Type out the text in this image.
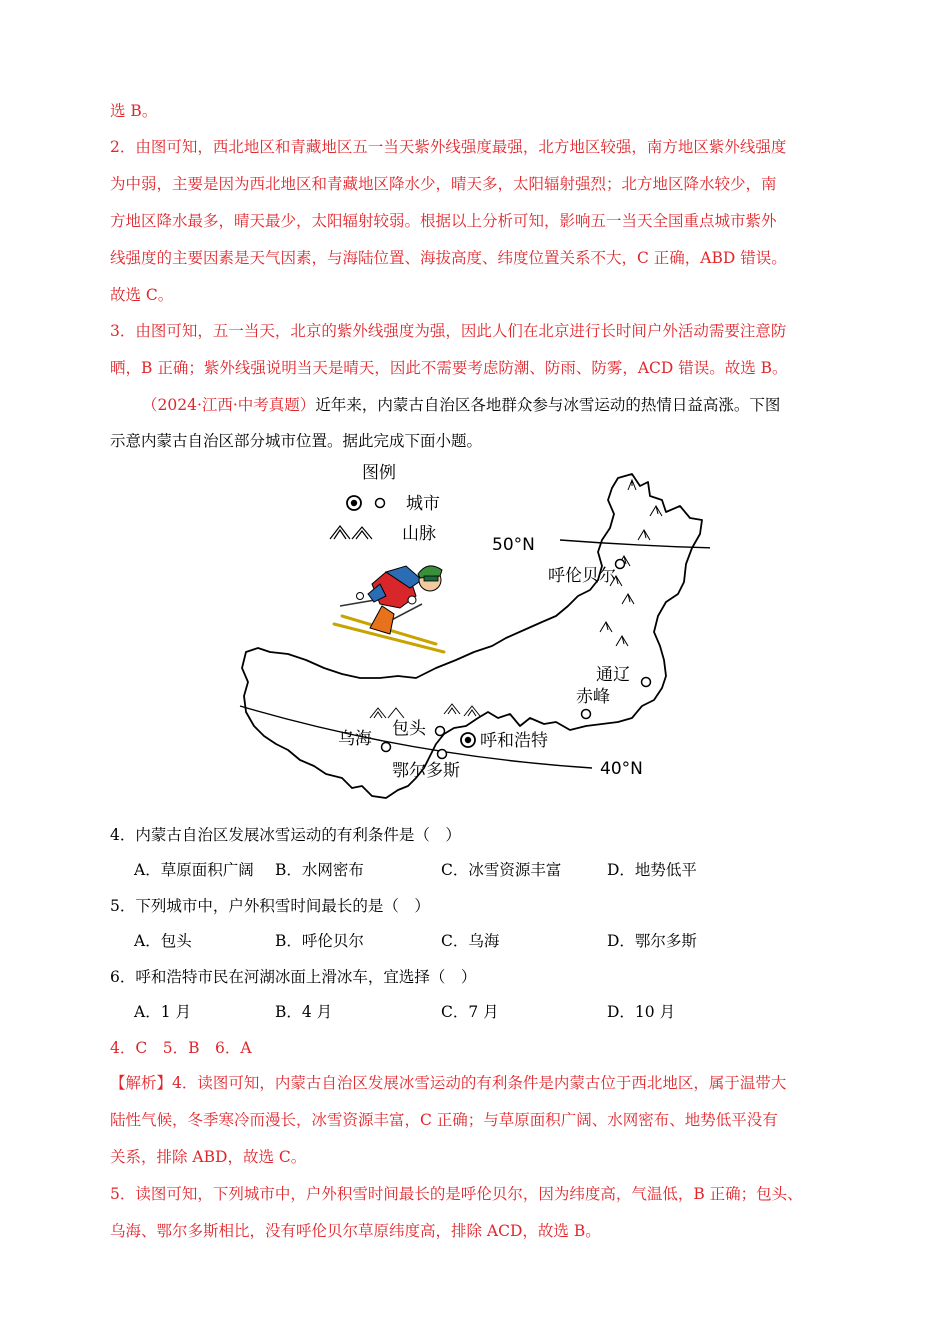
选 B。
2．由图可知，西北地区和青藏地区五一当天紫外线强度最强，北方地区较强，南方地区紫外线强度
为中弱，主要是因为西北地区和青藏地区降水少，晴天多，太阳辐射强烈；北方地区降水较少，南
方地区降水最多，晴天最少，太阳辐射较弱。根据以上分析可知，影响五一当天全国重点城市紫外
线强度的主要因素是天气因素，与海陆位置、海拔高度、纬度位置关系不大，C 正确，ABD 错误。
故选 C。
3．由图可知，五一当天，北京的紫外线强度为强，因此人们在北京进行长时间户外活动需要注意防
晒，B 正确；紫外线强说明当天是晴天，因此不需要考虑防潮、防雨、防雾，ACD 错误。故选 B。
（2024·江西·中考真题）近年来，内蒙古自治区各地群众参与冰雪运动的热情日益高涨。下图
示意内蒙古自治区部分城市位置。据此完成下面小题。
图例
城市
山脉
50°N
40°N
呼伦贝尔
通辽
赤峰
包头
呼和浩特
乌海
鄂尔多斯
4．内蒙古自治区发展冰雪运动的有利条件是（　）
A．草原面积广阔 B．水网密布	C．冰雪资源丰富	D．地势低平
5．下列城市中，户外积雪时间最长的是（　）
A．包头	B．呼伦贝尔	C．乌海	D．鄂尔多斯
6．呼和浩特市民在河湖冰面上滑冰车，宜选择（　）
A．1 月	B．4 月	C．7 月	D．10 月
4．C　5．B　6．A
【解析】4．读图可知，内蒙古自治区发展冰雪运动的有利条件是内蒙古位于西北地区，属于温带大
陆性气候，冬季寒冷而漫长，冰雪资源丰富，C 正确；与草原面积广阔、水网密布、地势低平没有
关系，排除 ABD，故选 C。
5．读图可知，下列城市中，户外积雪时间最长的是呼伦贝尔，因为纬度高，气温低，B 正确；包头、
乌海、鄂尔多斯相比，没有呼伦贝尔草原纬度高，排除 ACD，故选 B。
